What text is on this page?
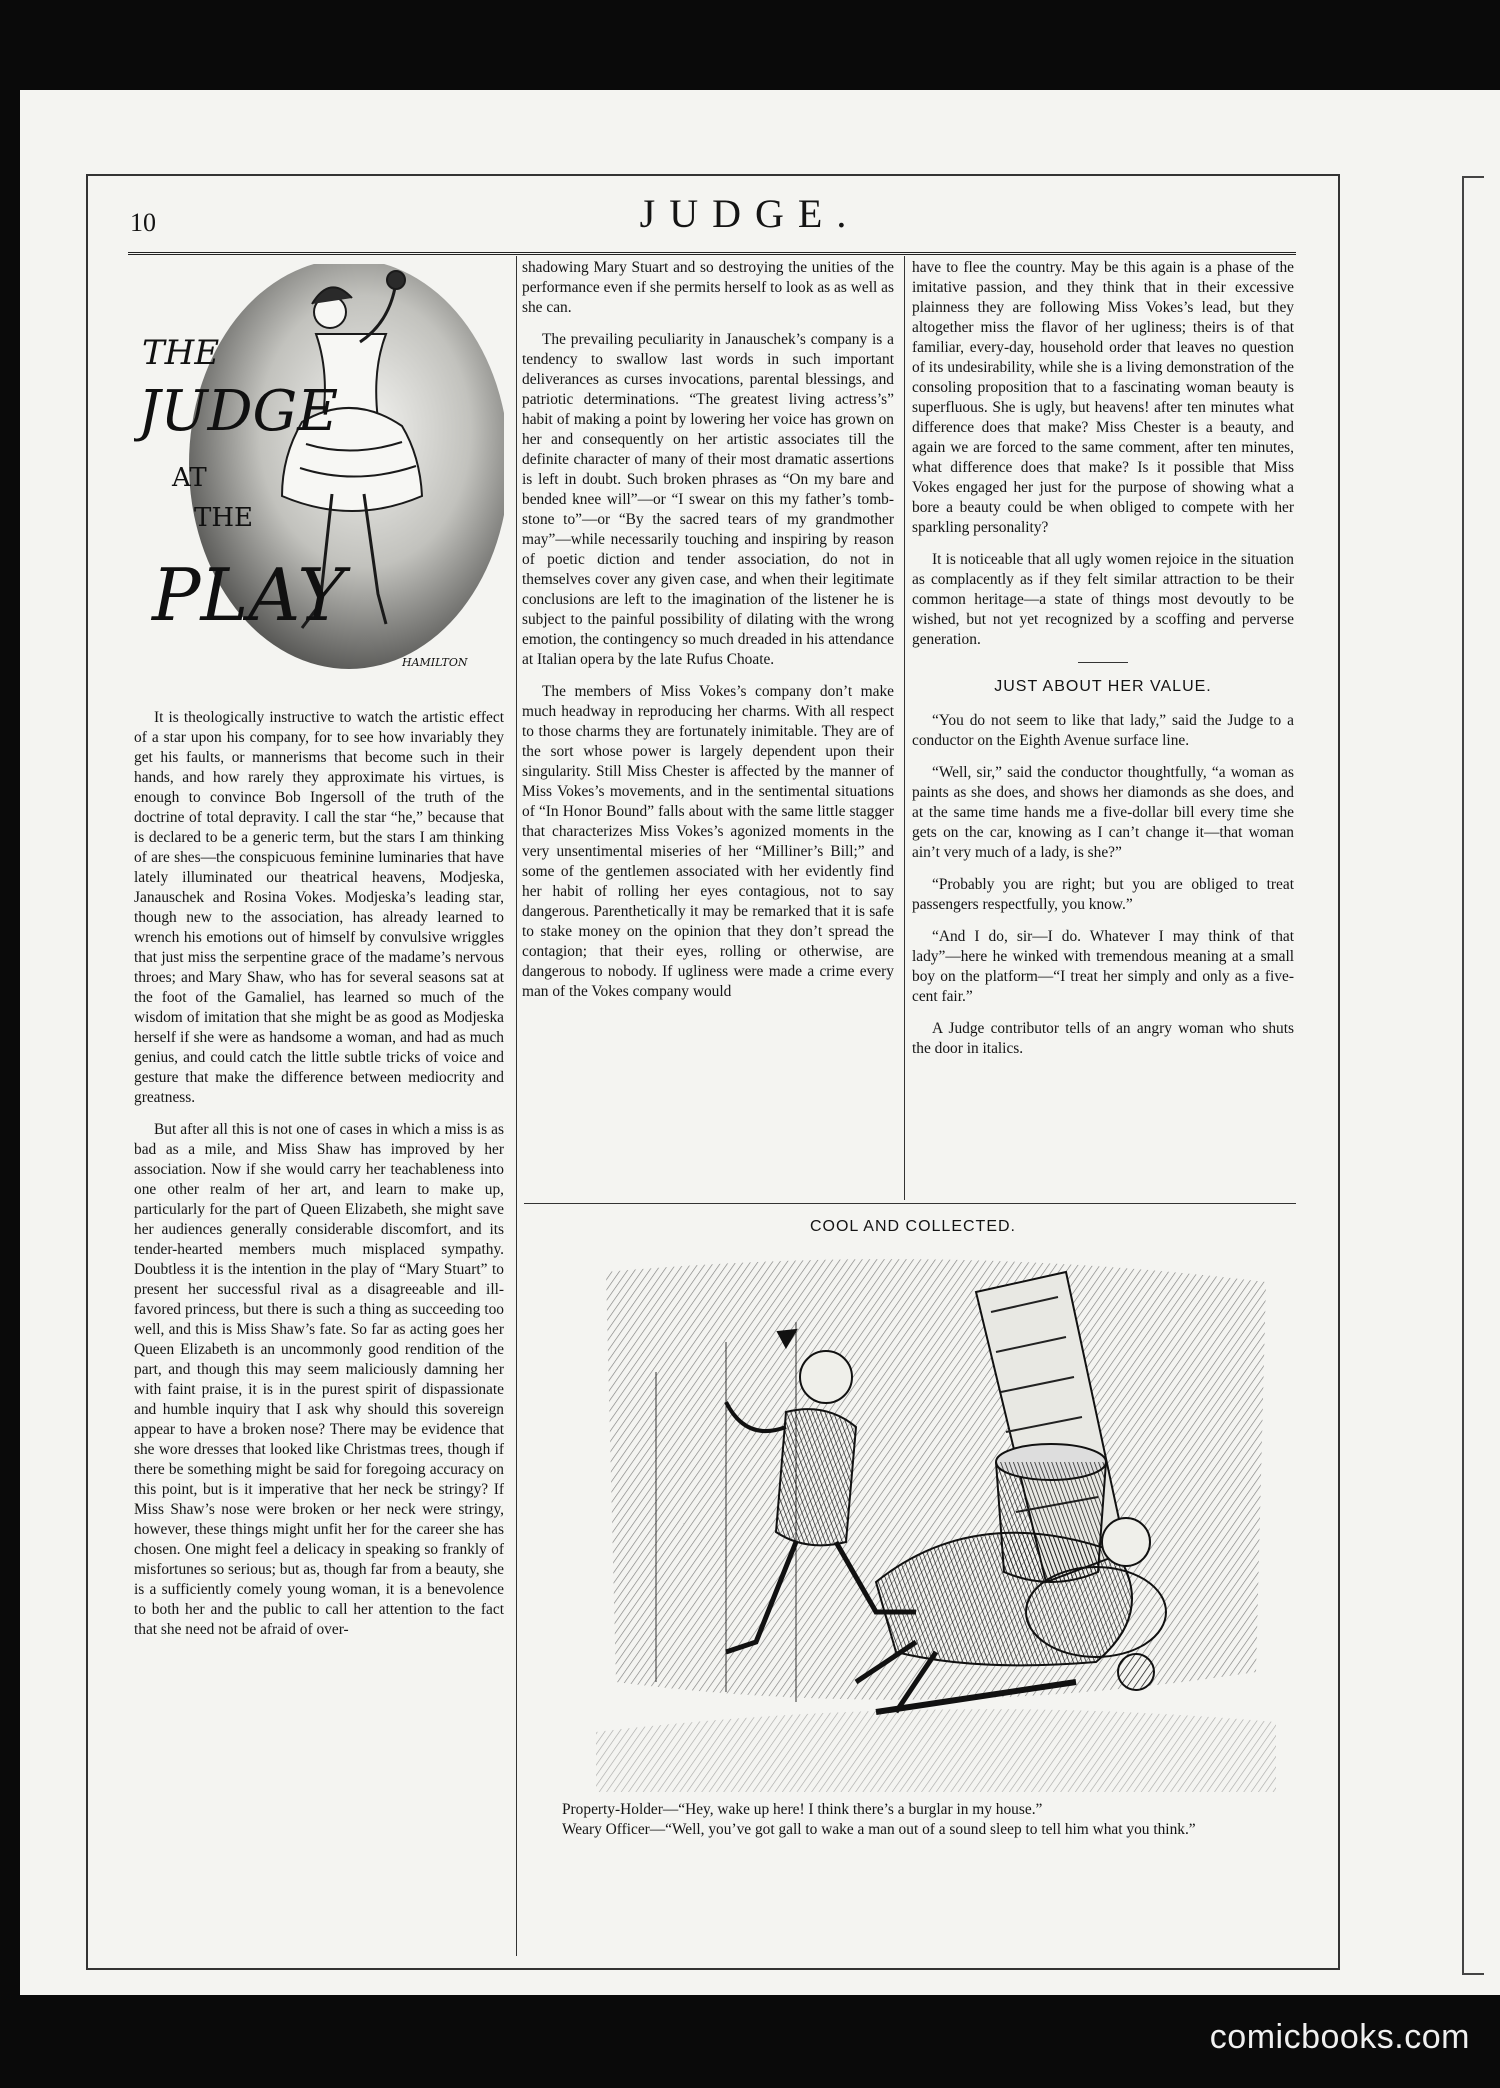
10	JUDGE.
THE
JUDGE
AT
THE
PLAY
HAMILTON

It is theologically instructive to watch the artistic effect of a star upon his company, for to see how invariably they get his faults, or mannerisms that become such in their hands, and how rarely they approximate his virtues, is enough to convince Bob Ingersoll of the truth of the doctrine of total depravity. I call the star “he,” because that is declared to be a generic term, but the stars I am thinking of are shes—the conspicuous feminine luminaries that have lately illuminated our theatrical heavens, Modjeska, Janauschek and Rosina Vokes. Modjeska’s leading star, though new to the association, has already learned to wrench his emotions out of himself by convulsive wriggles that just miss the serpentine grace of the madame’s nervous throes; and Mary Shaw, who has for several seasons sat at the foot of the Gamaliel, has learned so much of the wisdom of imitation that she might be as good as Modjeska herself if she were as handsome a woman, and had as much genius, and could catch the little subtle tricks of voice and gesture that make the difference between mediocrity and greatness.

But after all this is not one of cases in which a miss is as bad as a mile, and Miss Shaw has improved by her association. Now if she would carry her teachableness into one other realm of her art, and learn to make up, particularly for the part of Queen Elizabeth, she might save her audiences generally considerable discomfort, and its tender-hearted members much misplaced sympathy. Doubtless it is the intention in the play of “Mary Stuart” to present her successful rival as a disagreeable and ill-favored princess, but there is such a thing as succeeding too well, and this is Miss Shaw’s fate. So far as acting goes her Queen Elizabeth is an uncommonly good rendition of the part, and though this may seem maliciously damning her with faint praise, it is in the purest spirit of dispassionate and humble inquiry that I ask why should this sovereign appear to have a broken nose? There may be evidence that she wore dresses that looked like Christmas trees, though if there be something might be said for foregoing accuracy on this point, but is it imperative that her neck be stringy? If Miss Shaw’s nose were broken or her neck were stringy, however, these things might unfit her for the career she has chosen. One might feel a delicacy in speaking so frankly of misfortunes so serious; but as, though far from a beauty, she is a sufficiently comely young woman, it is a benevolence to both her and the public to call her attention to the fact that she need not be afraid of over-

shadowing Mary Stuart and so destroying the unities of the performance even if she permits herself to look as as well as she can.

The prevailing peculiarity in Janauschek’s company is a tendency to swallow last words in such important deliverances as curses invocations, parental blessings, and patriotic determinations. “The greatest living actress’s” habit of making a point by lowering her voice has grown on her and consequently on her artistic associates till the definite character of many of their most dramatic assertions is left in doubt. Such broken phrases as “On my bare and bended knee will”—or “I swear on this my father’s tomb-stone to”—or “By the sacred tears of my grandmother may”—while necessarily touching and inspiring by reason of poetic diction and tender association, do not in themselves cover any given case, and when their legitimate conclusions are left to the imagination of the listener he is subject to the painful possibility of dilating with the wrong emotion, the contingency so much dreaded in his attendance at Italian opera by the late Rufus Choate.

The members of Miss Vokes’s company don’t make much headway in reproducing her charms. With all respect to those charms they are fortunately inimitable. They are of the sort whose power is largely dependent upon their singularity. Still Miss Chester is affected by the manner of Miss Vokes’s movements, and in the sentimental situations of “In Honor Bound” falls about with the same little stagger that characterizes Miss Vokes’s agonized moments in the very unsentimental miseries of her “Milliner’s Bill;” and some of the gentlemen associated with her evidently find her habit of rolling her eyes contagious, not to say dangerous. Parenthetically it may be remarked that it is safe to stake money on the opinion that they don’t spread the contagion; that their eyes, rolling or otherwise, are dangerous to nobody. If ugliness were made a crime every man of the Vokes company would

have to flee the country. May be this again is a phase of the imitative passion, and they think that in their excessive plainness they are following Miss Vokes’s lead, but they altogether miss the flavor of her ugliness; theirs is of that familiar, every-day, household order that leaves no question of its undesirability, while she is a living demonstration of the consoling proposition that to a fascinating woman beauty is superfluous. She is ugly, but heavens! after ten minutes what difference does that make? Miss Chester is a beauty, and again we are forced to the same comment, after ten minutes, what difference does that make? Is it possible that Miss Vokes engaged her just for the purpose of showing what a bore a beauty could be when obliged to compete with her sparkling personality?

It is noticeable that all ugly women rejoice in the situation as complacently as if they felt similar attraction to be their common heritage—a state of things most devoutly to be wished, but not yet recognized by a scoffing and perverse generation.

JUST ABOUT HER VALUE.

“You do not seem to like that lady,” said the Judge to a conductor on the Eighth Avenue surface line.

“Well, sir,” said the conductor thoughtfully, “a woman as paints as she does, and shows her diamonds as she does, and at the same time hands me a five-dollar bill every time she gets on the car, knowing as I can’t change it—that woman ain’t very much of a lady, is she?”

“Probably you are right; but you are obliged to treat passengers respectfully, you know.”

“And I do, sir—I do. Whatever I may think of that lady”—here he winked with tremendous meaning at a small boy on the platform—“I treat her simply and only as a five-cent fair.”

A Judge contributor tells of an angry woman who shuts the door in italics.

COOL AND COLLECTED.

Property-Holder—“Hey, wake up here! I think there’s a burglar in my house.”

Weary Officer—“Well, you’ve got gall to wake a man out of a sound sleep to tell him what you think.”

comicbooks.com
